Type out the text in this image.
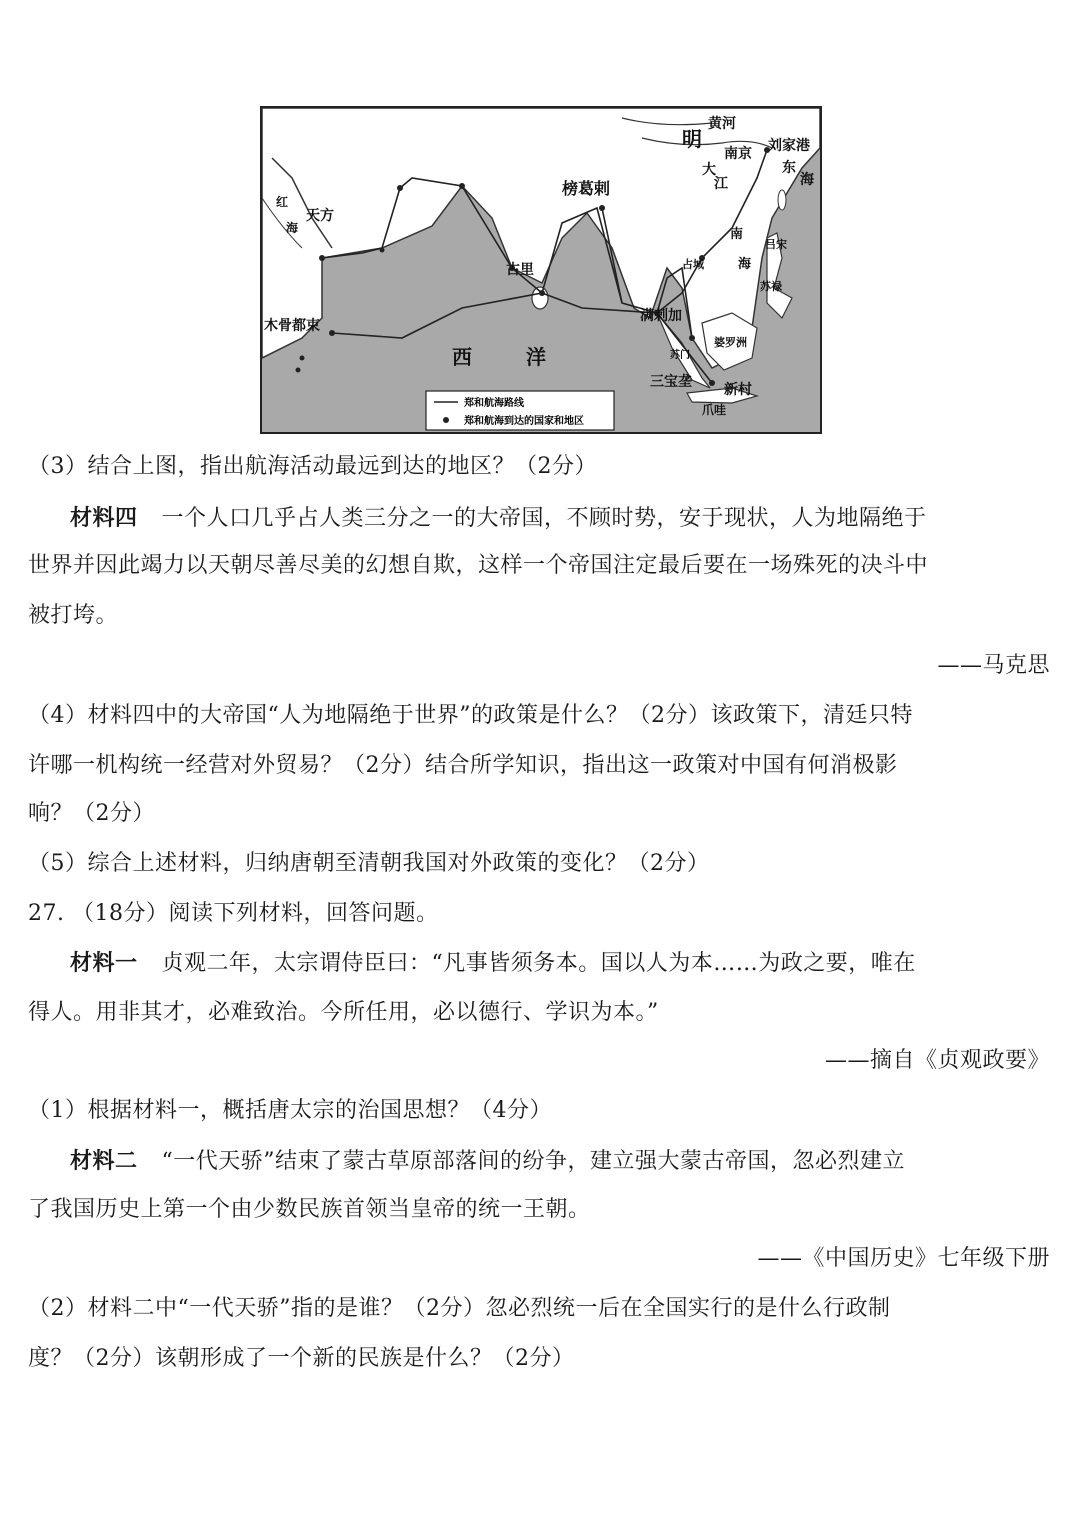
郑和航海路线
郑和航海到达的国家和地区
黄河
明
南京 刘家港
东
海
大
江
榜葛剌
天方
红
海
古里	占城
南
海
吕宋
苏禄
满剌加
木骨都束
西	洋
三宝垄 新村
爪哇
婆罗洲
苏门
（3）结合上图，指出航海活动最远到达的地区？（2分）
材料四 一个人口几乎占人类三分之一的大帝国，不顾时势，安于现状，人为地隔绝于
世界并因此竭力以天朝尽善尽美的幻想自欺，这样一个帝国注定最后要在一场殊死的决斗中
被打垮。
——马克思
（4）材料四中的大帝国“人为地隔绝于世界”的政策是什么？（2分）该政策下，清廷只特
许哪一机构统一经营对外贸易？（2分）结合所学知识，指出这一政策对中国有何消极影
响？（2分）
（5）综合上述材料，归纳唐朝至清朝我国对外政策的变化？（2分）
27. （18分）阅读下列材料，回答问题。
材料一 贞观二年，太宗谓侍臣曰：“凡事皆须务本。国以人为本……为政之要，唯在
得人。用非其才，必难致治。今所任用，必以德行、学识为本。”
——摘自《贞观政要》
（1）根据材料一，概括唐太宗的治国思想？（4分）
材料二 “一代天骄”结束了蒙古草原部落间的纷争，建立强大蒙古帝国，忽必烈建立
了我国历史上第一个由少数民族首领当皇帝的统一王朝。
——《中国历史》七年级下册
（2）材料二中“一代天骄”指的是谁？（2分）忽必烈统一后在全国实行的是什么行政制
度？（2分）该朝形成了一个新的民族是什么？（2分）
